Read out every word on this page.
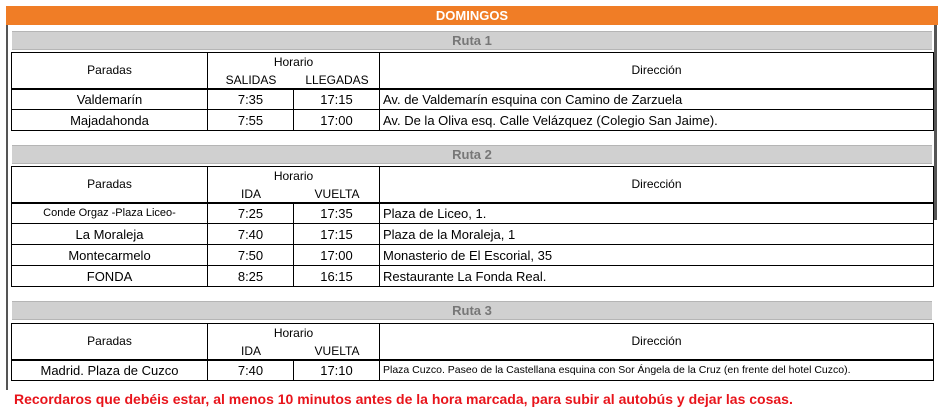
DOMINGOS
Ruta 1
Paradas	Horario
SALIDAS LLEGADAS		Dirección
Valdemarín	7:35	17:15	Av. de Valdemarín esquina con Camino de Zarzuela
Majadahonda	7:55	17:00	Av. De la Oliva esq. Calle Velázquez (Colegio San Jaime).
Ruta 2
Paradas	Horario
IDA VUELTA		Dirección
Conde Orgaz -Plaza Liceo-	7:25	17:35	Plaza de Liceo, 1.
La Moraleja	7:40	17:15	Plaza de la Moraleja, 1
Montecarmelo	7:50	17:00	Monasterio de El Escorial, 35
FONDA	8:25	16:15	Restaurante La Fonda Real.
Ruta 3
Paradas	Horario
IDA VUELTA		Dirección
Madrid. Plaza de Cuzco	7:40	17:10	Plaza Cuzco. Paseo de la Castellana esquina con Sor Ángela de la Cruz (en frente del hotel Cuzco).
Recordaros que debéis estar, al menos 10 minutos antes de la hora marcada, para subir al autobús y dejar las cosas.
